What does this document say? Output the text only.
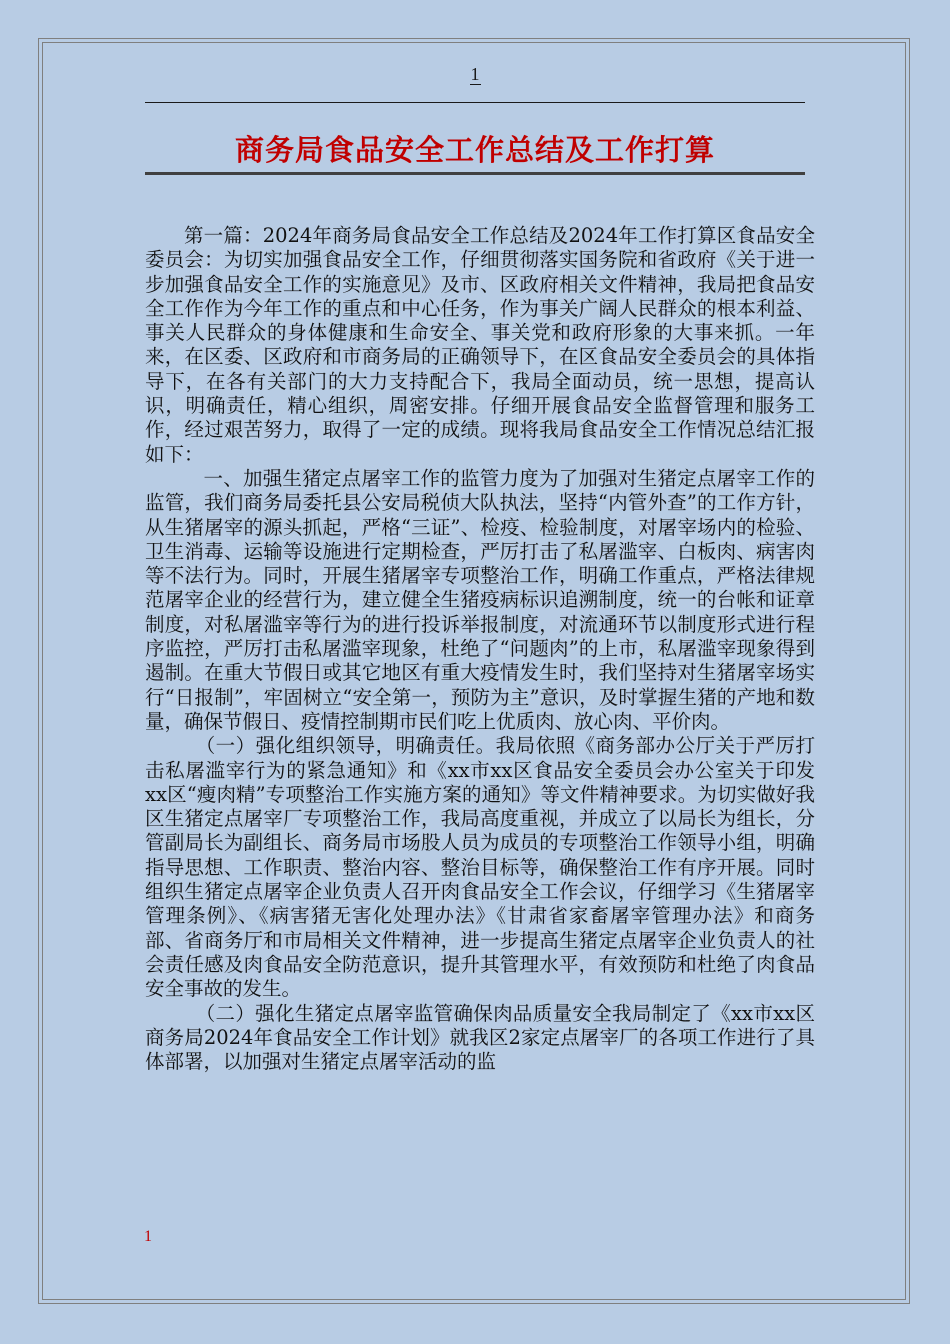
1
商务局食品安全工作总结及工作打算

第一篇：2024年商务局食品安全工作总结及2024年工作打算区食品安全委员会：为切实加强食品安全工作，仔细贯彻落实国务院和省政府《关于进一步加强食品安全工作的实施意见》及市、区政府相关文件精神，我局把食品安全工作作为今年工作的重点和中心任务，作为事关广阔人民群众的根本利益、事关人民群众的身体健康和生命安全、事关党和政府形象的大事来抓。一年来，在区委、区政府和市商务局的正确领导下，在区食品安全委员会的具体指导下，在各有关部门的大力支持配合下，我局全面动员，统一思想，提高认识，明确责任，精心组织，周密安排。仔细开展食品安全监督管理和服务工作，经过艰苦努力，取得了一定的成绩。现将我局食品安全工作情况总结汇报如下：

一、加强生猪定点屠宰工作的监管力度为了加强对生猪定点屠宰工作的监管，我们商务局委托县公安局税侦大队执法，坚持“内管外查”的工作方针，从生猪屠宰的源头抓起，严格“三证”、检疫、检验制度，对屠宰场内的检验、卫生消毒、运输等设施进行定期检查，严厉打击了私屠滥宰、白板肉、病害肉等不法行为。同时，开展生猪屠宰专项整治工作，明确工作重点，严格法律规范屠宰企业的经营行为，建立健全生猪疫病标识追溯制度，统一的台帐和证章制度，对私屠滥宰等行为的进行投诉举报制度，对流通环节以制度形式进行程序监控，严厉打击私屠滥宰现象，杜绝了“问题肉”的上市，私屠滥宰现象得到遏制。在重大节假日或其它地区有重大疫情发生时，我们坚持对生猪屠宰场实行“日报制”，牢固树立“安全第一，预防为主”意识，及时掌握生猪的产地和数量，确保节假日、疫情控制期市民们吃上优质肉、放心肉、平价肉。

（一）强化组织领导，明确责任。我局依照《商务部办公厅关于严厉打击私屠滥宰行为的紧急通知》和《xx市xx区食品安全委员会办公室关于印发xx区“瘦肉精”专项整治工作实施方案的通知》等文件精神要求。为切实做好我区生猪定点屠宰厂专项整治工作，我局高度重视，并成立了以局长为组长，分管副局长为副组长、商务局市场股人员为成员的专项整治工作领导小组，明确指导思想、工作职责、整治内容、整治目标等，确保整治工作有序开展。同时组织生猪定点屠宰企业负责人召开肉食品安全工作会议，仔细学习《生猪屠宰管理条例》、《病害猪无害化处理办法》《甘肃省家畜屠宰管理办法》和商务部、省商务厅和市局相关文件精神，进一步提高生猪定点屠宰企业负责人的社会责任感及肉食品安全防范意识，提升其管理水平，有效预防和杜绝了肉食品安全事故的发生。

（二）强化生猪定点屠宰监管确保肉品质量安全我局制定了《xx市xx区商务局2024年食品安全工作计划》就我区2家定点屠宰厂的各项工作进行了具体部署，以加强对生猪定点屠宰活动的监

1
